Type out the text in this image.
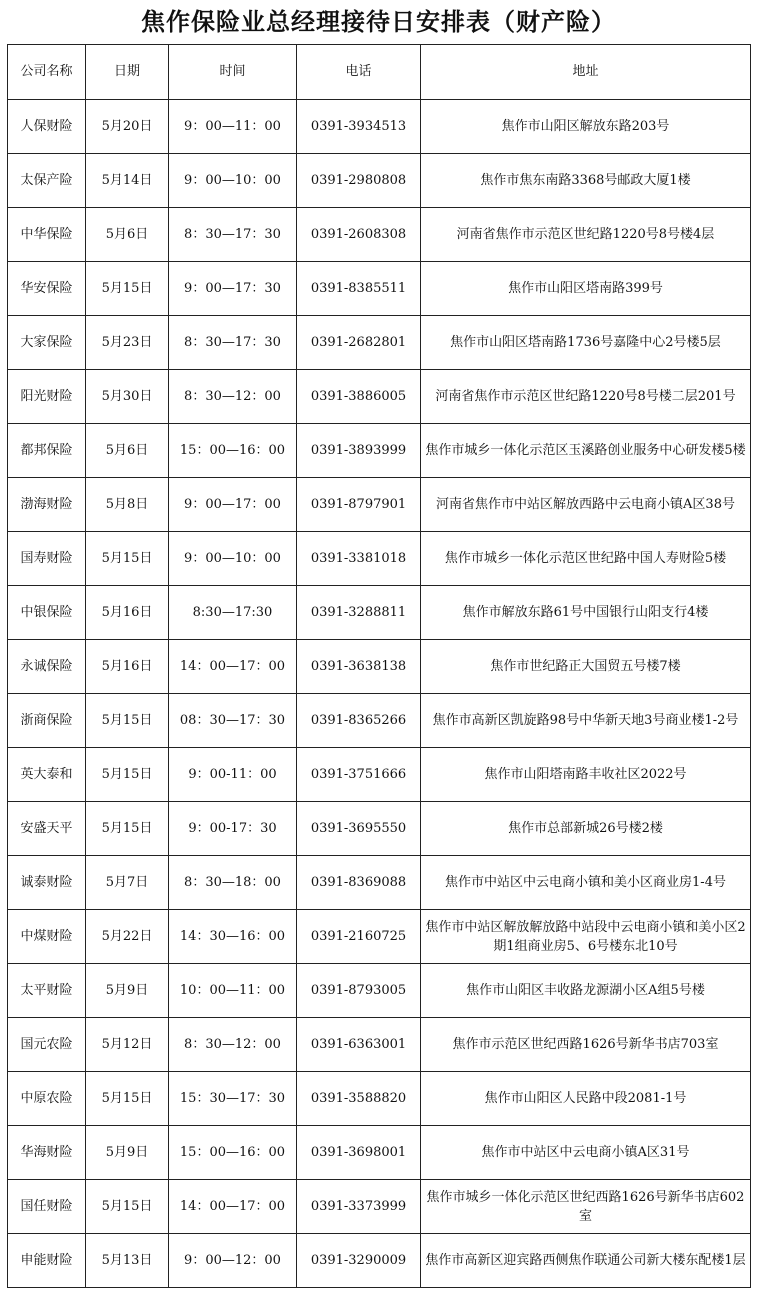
焦作保险业总经理接待日安排表（财产险）
公司名称	日期	时间	电话	地址
人保财险	5月20日	9：00—11：00	0391-3934513	焦作市山阳区解放东路203号
太保产险	5月14日	9：00—10：00	0391-2980808	焦作市焦东南路3368号邮政大厦1楼
中华保险	5月6日	8：30—17：30	0391-2608308	河南省焦作市示范区世纪路1220号8号楼4层
华安保险	5月15日	9：00—17：30	0391-8385511	焦作市山阳区塔南路399号
大家保险	5月23日	8：30—17：30	0391-2682801	焦作市山阳区塔南路1736号嘉隆中心2号楼5层
阳光财险	5月30日	8：30—12：00	0391-3886005	河南省焦作市示范区世纪路1220号8号楼二层201号
都邦保险	5月6日	15：00—16：00	0391-3893999	焦作市城乡一体化示范区玉溪路创业服务中心研发楼5楼
渤海财险	5月8日	9：00—17：00	0391-8797901	河南省焦作市中站区解放西路中云电商小镇A区38号
国寿财险	5月15日	9：00—10：00	0391-3381018	焦作市城乡一体化示范区世纪路中国人寿财险5楼
中银保险	5月16日	8:30—17:30	0391-3288811	焦作市解放东路61号中国银行山阳支行4楼
永诚保险	5月16日	14：00—17：00	0391-3638138	焦作市世纪路正大国贸五号楼7楼
浙商保险	5月15日	08：30—17：30	0391-8365266	焦作市高新区凯旋路98号中华新天地3号商业楼1-2号
英大泰和	5月15日	9：00-11：00	0391-3751666	焦作市山阳塔南路丰收社区2022号
安盛天平	5月15日	9：00-17：30	0391-3695550	焦作市总部新城26号楼2楼
诚泰财险	5月7日	8：30—18：00	0391-8369088	焦作市中站区中云电商小镇和美小区商业房1-4号
中煤财险	5月22日	14：30—16：00	0391-2160725	焦作市中站区解放解放路中站段中云电商小镇和美小区2期1组商业房5、6号楼东北10号
太平财险	5月9日	10：00—11：00	0391-8793005	焦作市山阳区丰收路龙源湖小区A组5号楼
国元农险	5月12日	8：30—12：00	0391-6363001	焦作市示范区世纪西路1626号新华书店703室
中原农险	5月15日	15：30—17：30	0391-3588820	焦作市山阳区人民路中段2081-1号
华海财险	5月9日	15：00—16：00	0391-3698001	焦作市中站区中云电商小镇A区31号
国任财险	5月15日	14：00—17：00	0391-3373999	焦作市城乡一体化示范区世纪西路1626号新华书店602室
申能财险	5月13日	9：00—12：00	0391-3290009	焦作市高新区迎宾路西侧焦作联通公司新大楼东配楼1层
